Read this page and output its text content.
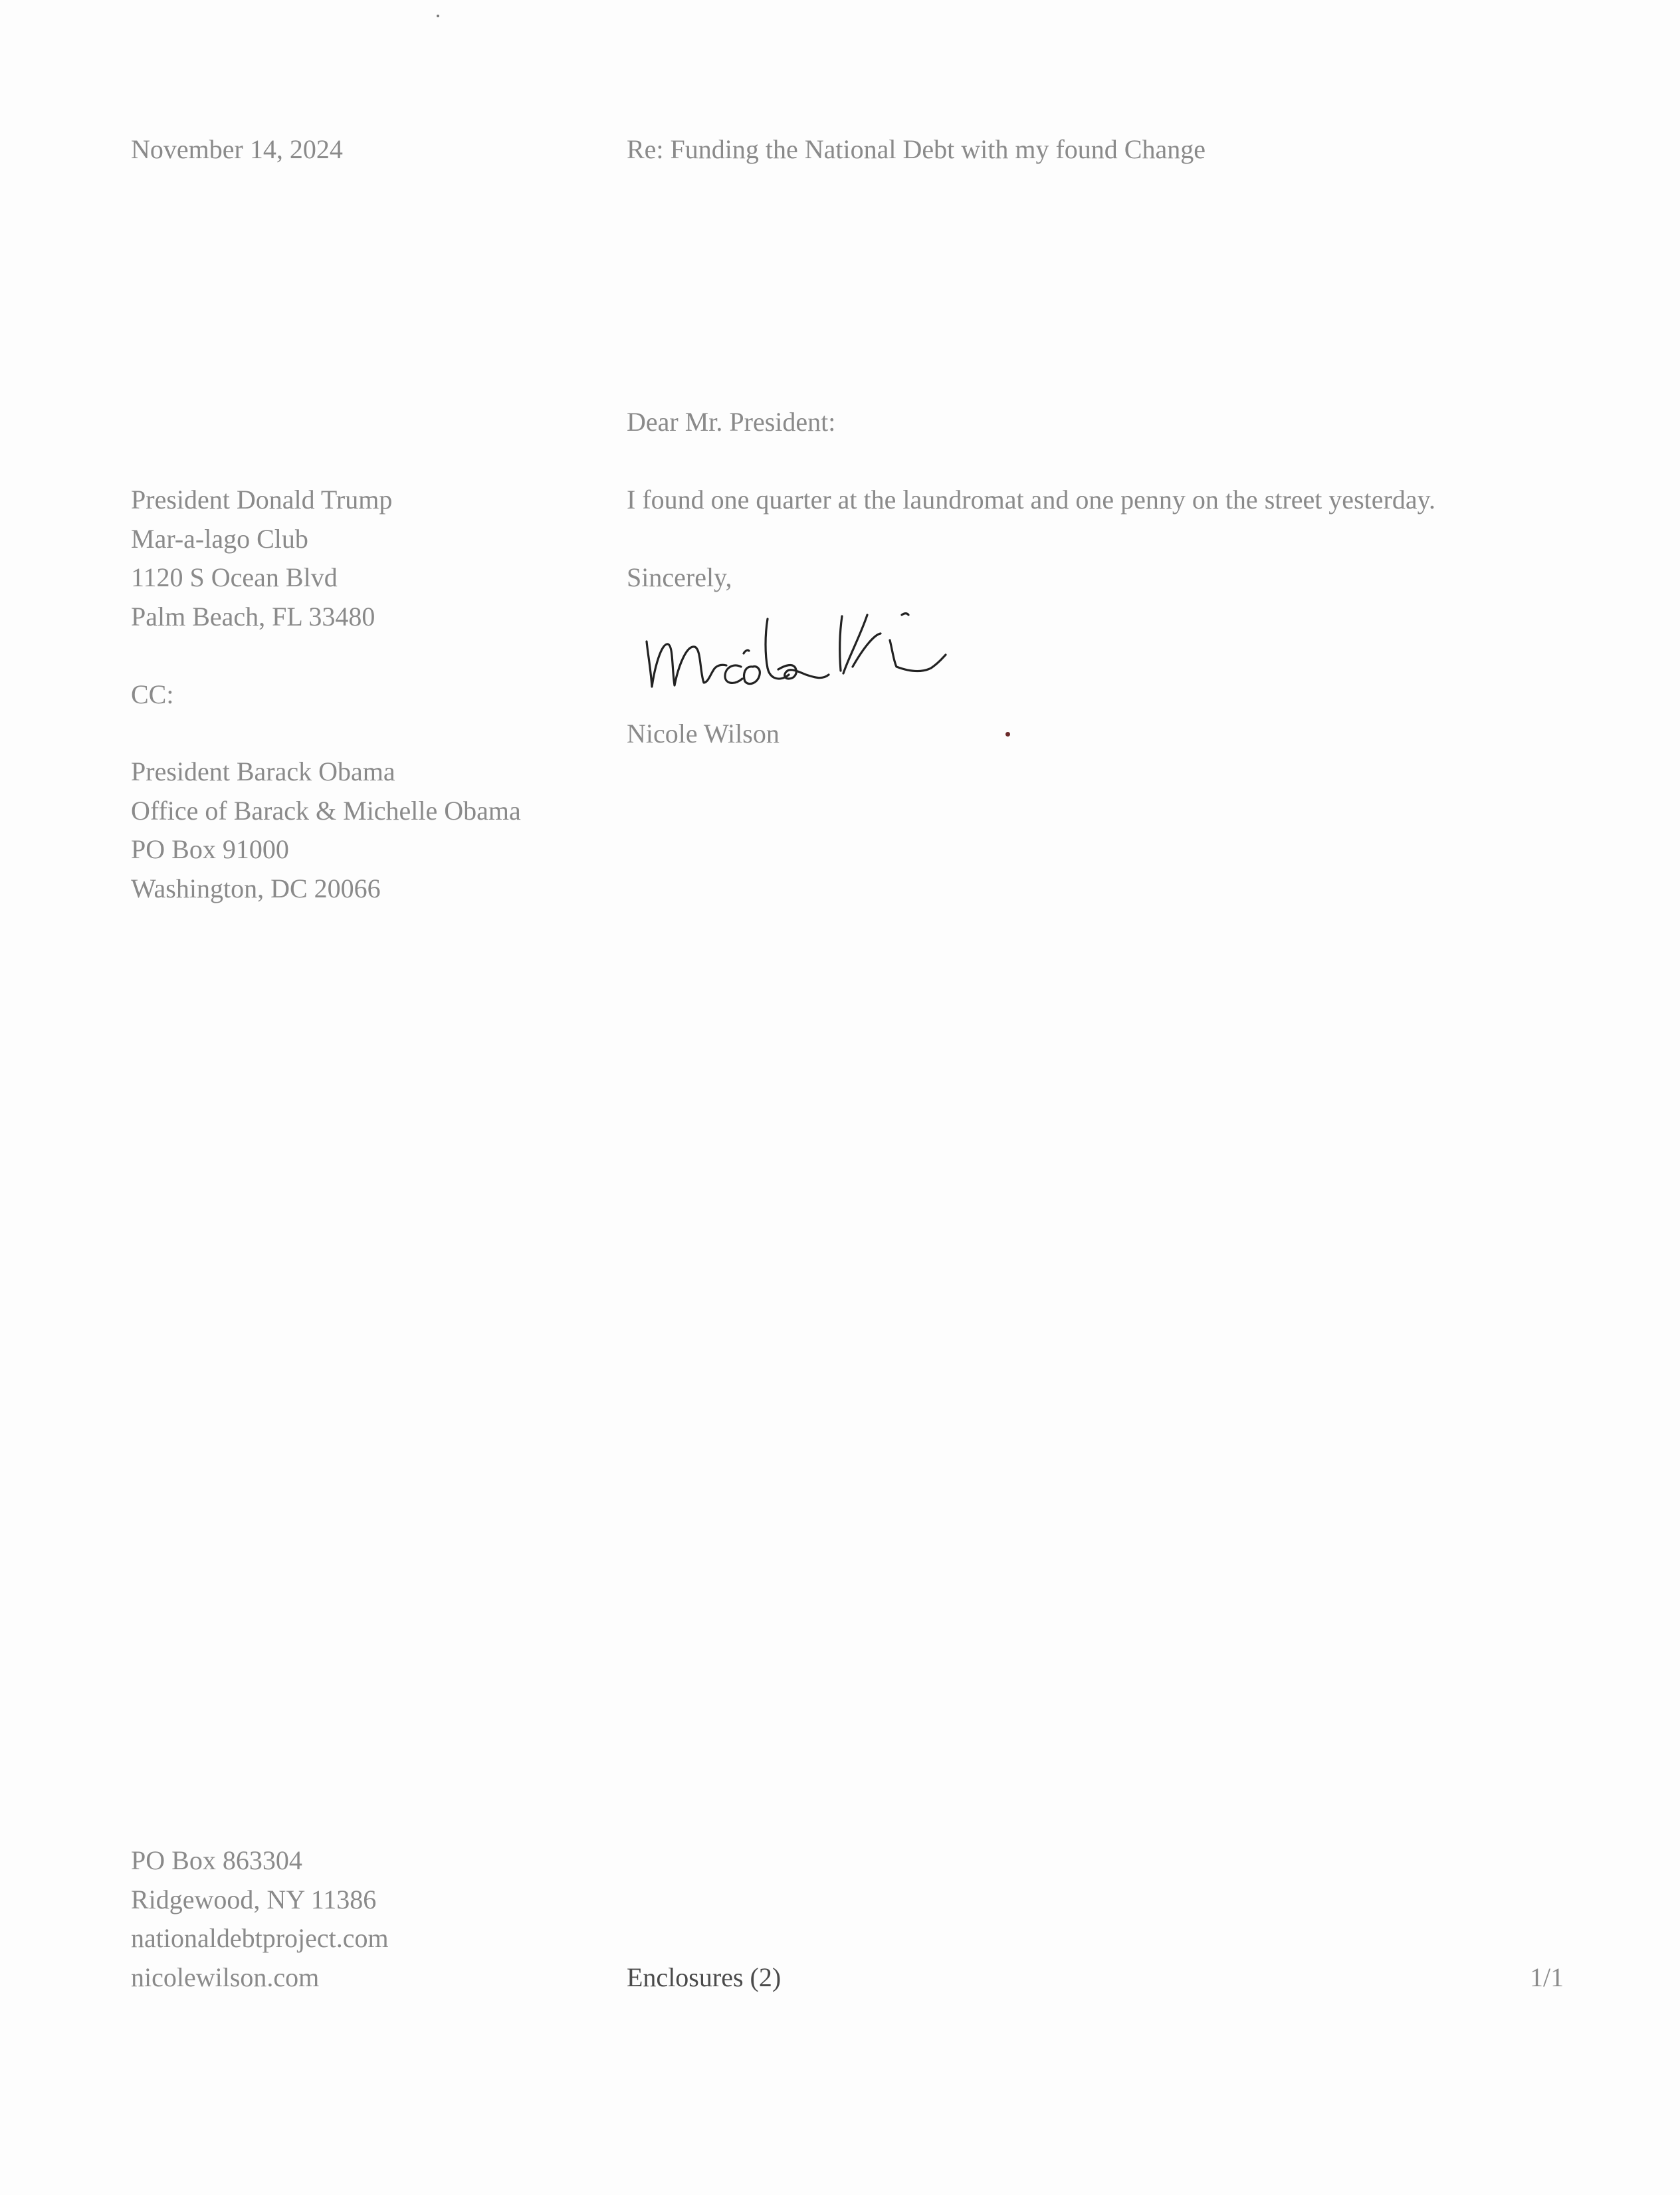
November 14, 2024	Re: Funding the National Debt with my found Change
Dear Mr. President:
I found one quarter at the laundromat and one penny on the street yesterday.
Sincerely,
Nicole Wilson
President Donald Trump
Mar-a-lago Club
1120 S Ocean Blvd
Palm Beach, FL 33480
CC:
President Barack Obama
Office of Barack & Michelle Obama
PO Box 91000
Washington, DC 20066
PO Box 863304
Ridgewood, NY 11386
nationaldebtproject.com
nicolewilson.com	Enclosures (2)	1/1
